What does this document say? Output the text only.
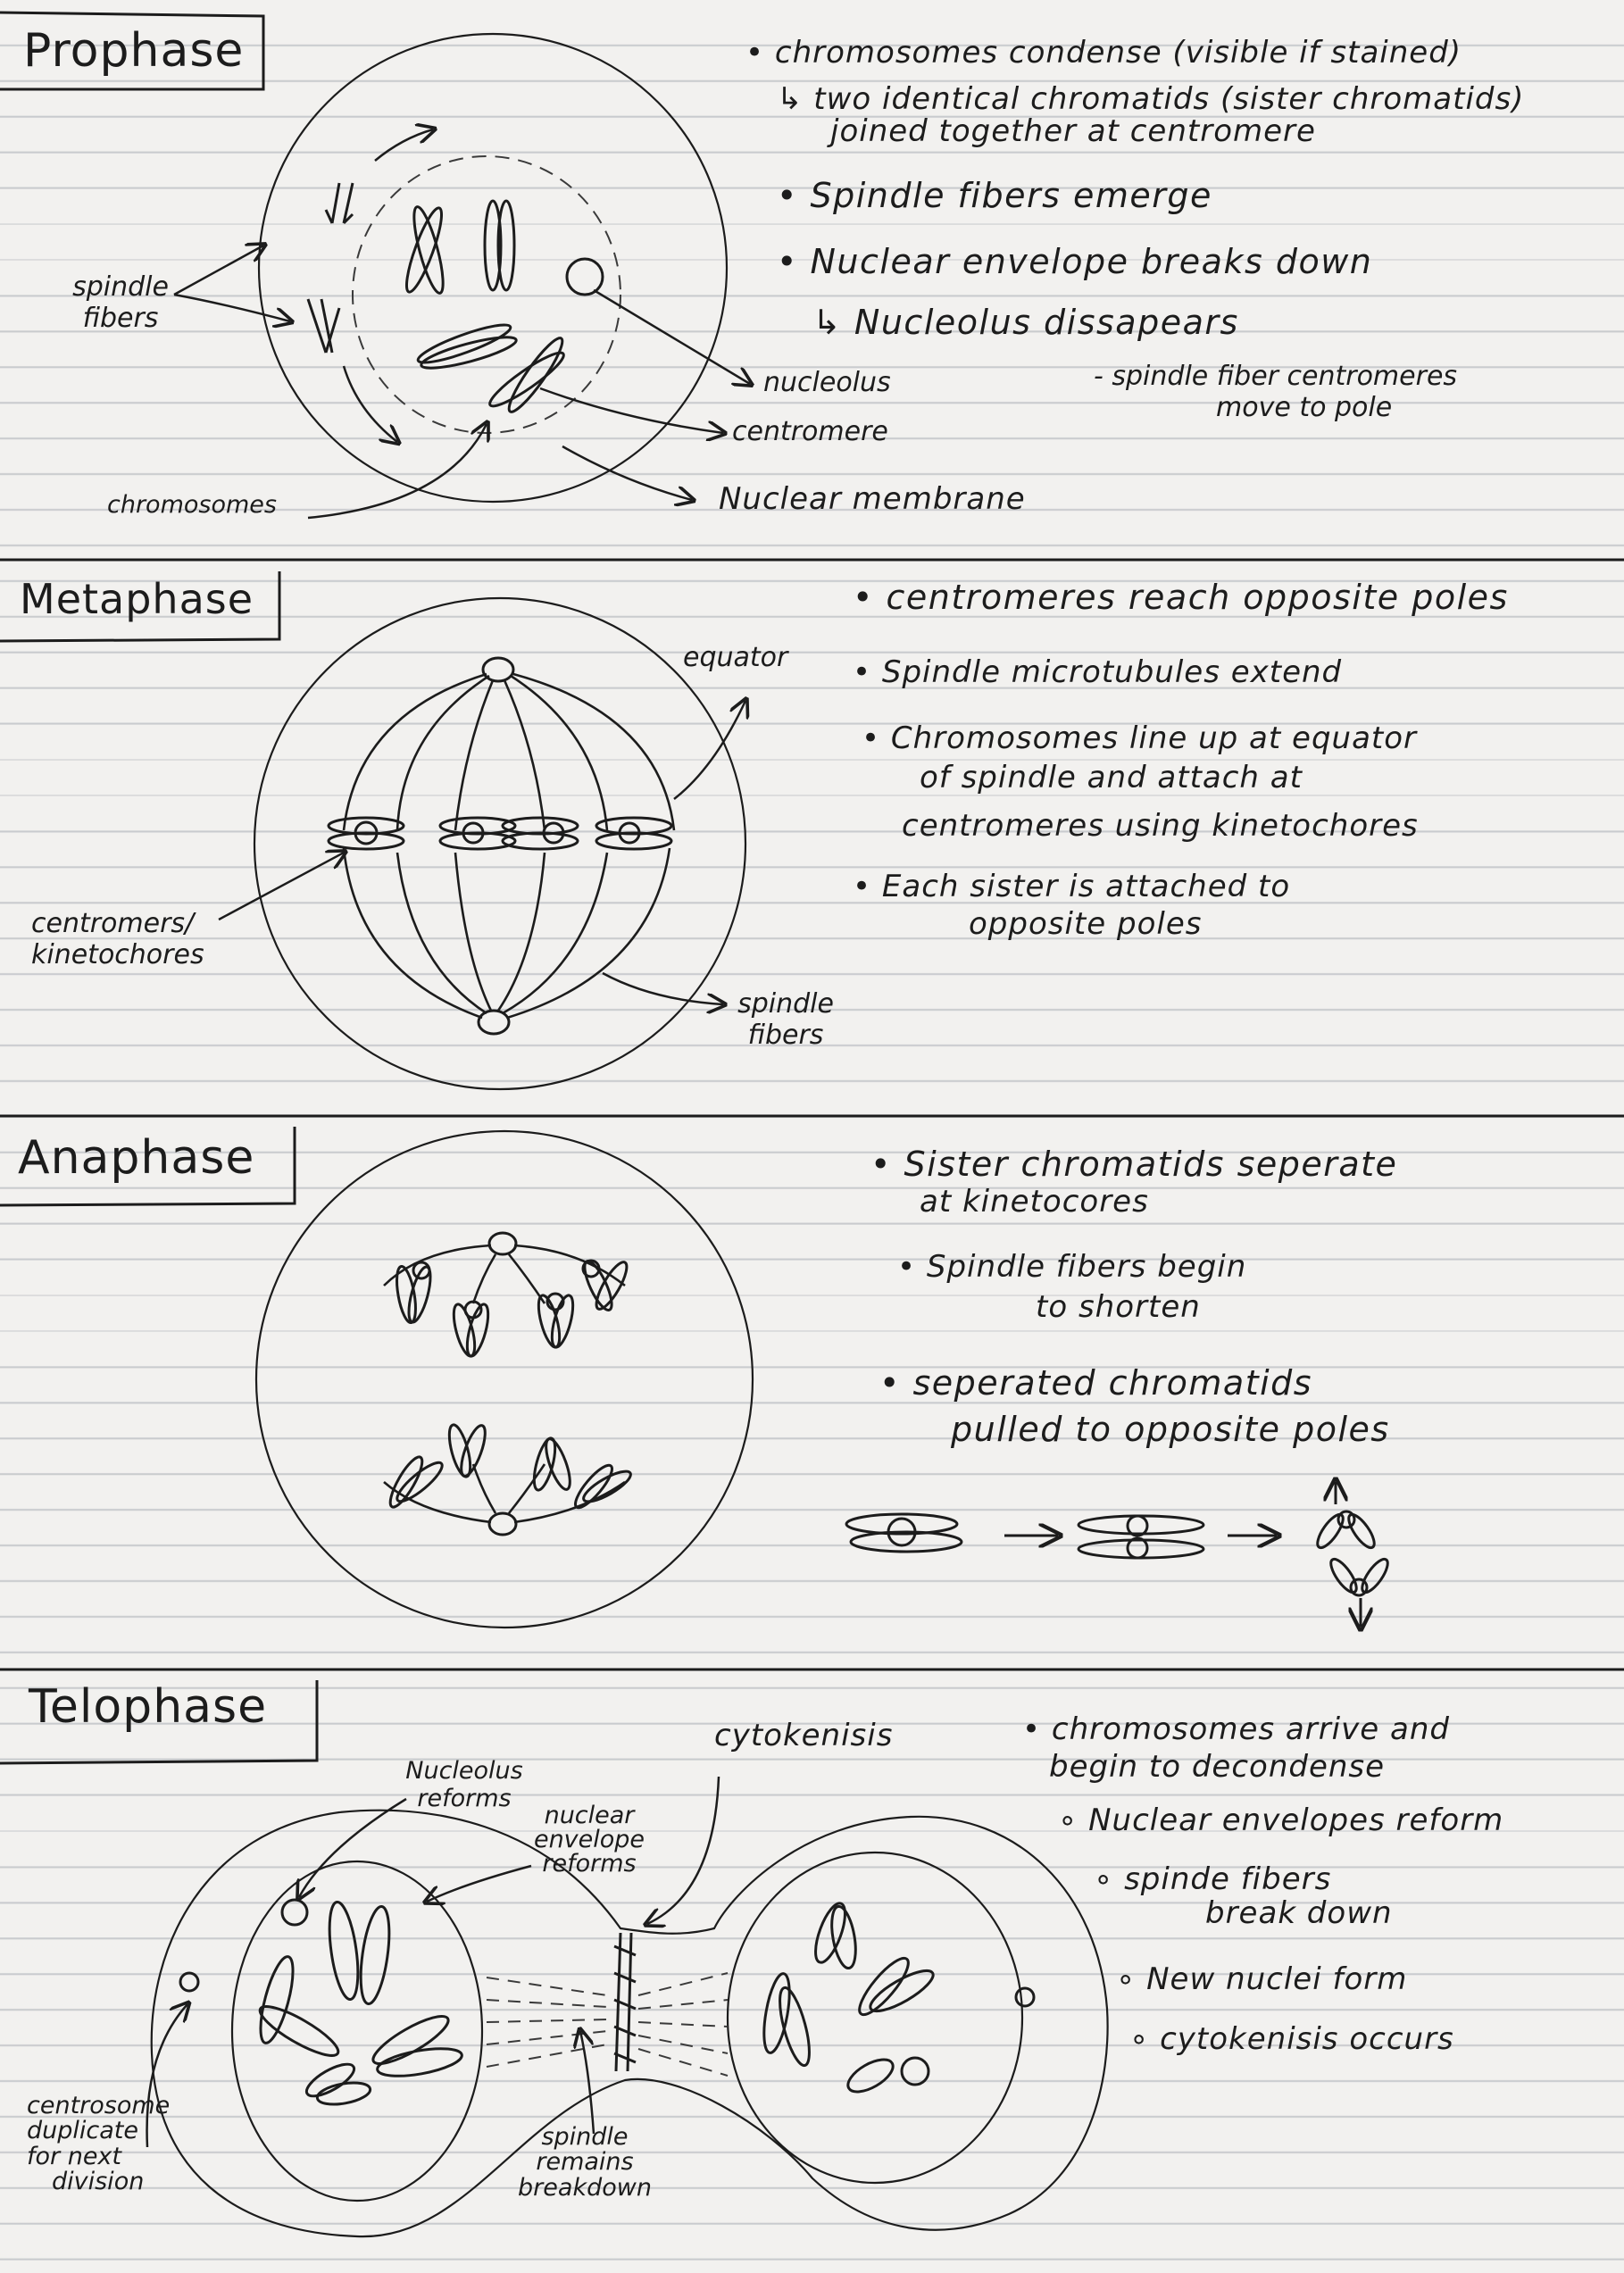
Prophase	• chromosomes condense (visible if stained)
↳ two identical chromatids (sister chromatids)
joined together at centromere
• Spindle fibers emerge
• Nuclear envelope breaks down
↳ Nucleolus dissapears
- spindle fiber centromeres
move to pole
spindle
fibers
nucleolus
centromere
chromosomes	Nuclear membrane
Metaphase	• centromeres reach opposite poles
• Spindle microtubules extend
• Chromosomes line up at equator
of spindle and attach at
centromeres using kinetochores
• Each sister is attached to
opposite poles
equator
centromers/
kinetochores
spindle
fibers
Anaphase	• Sister chromatids seperate
at kinetocores
• Spindle fibers begin
to shorten
• seperated chromatids
pulled to opposite poles
Telophase	• chromosomes arrive and
begin to decondense
∘ Nuclear envelopes reform
∘ spinde fibers
break down
∘ New nuclei form
∘ cytokenisis occurs
Nucleolus
reforms
nuclear
envelope
reforms
cytokenisis
centrosome
duplicate
for next
division
spindle
remains
breakdown
